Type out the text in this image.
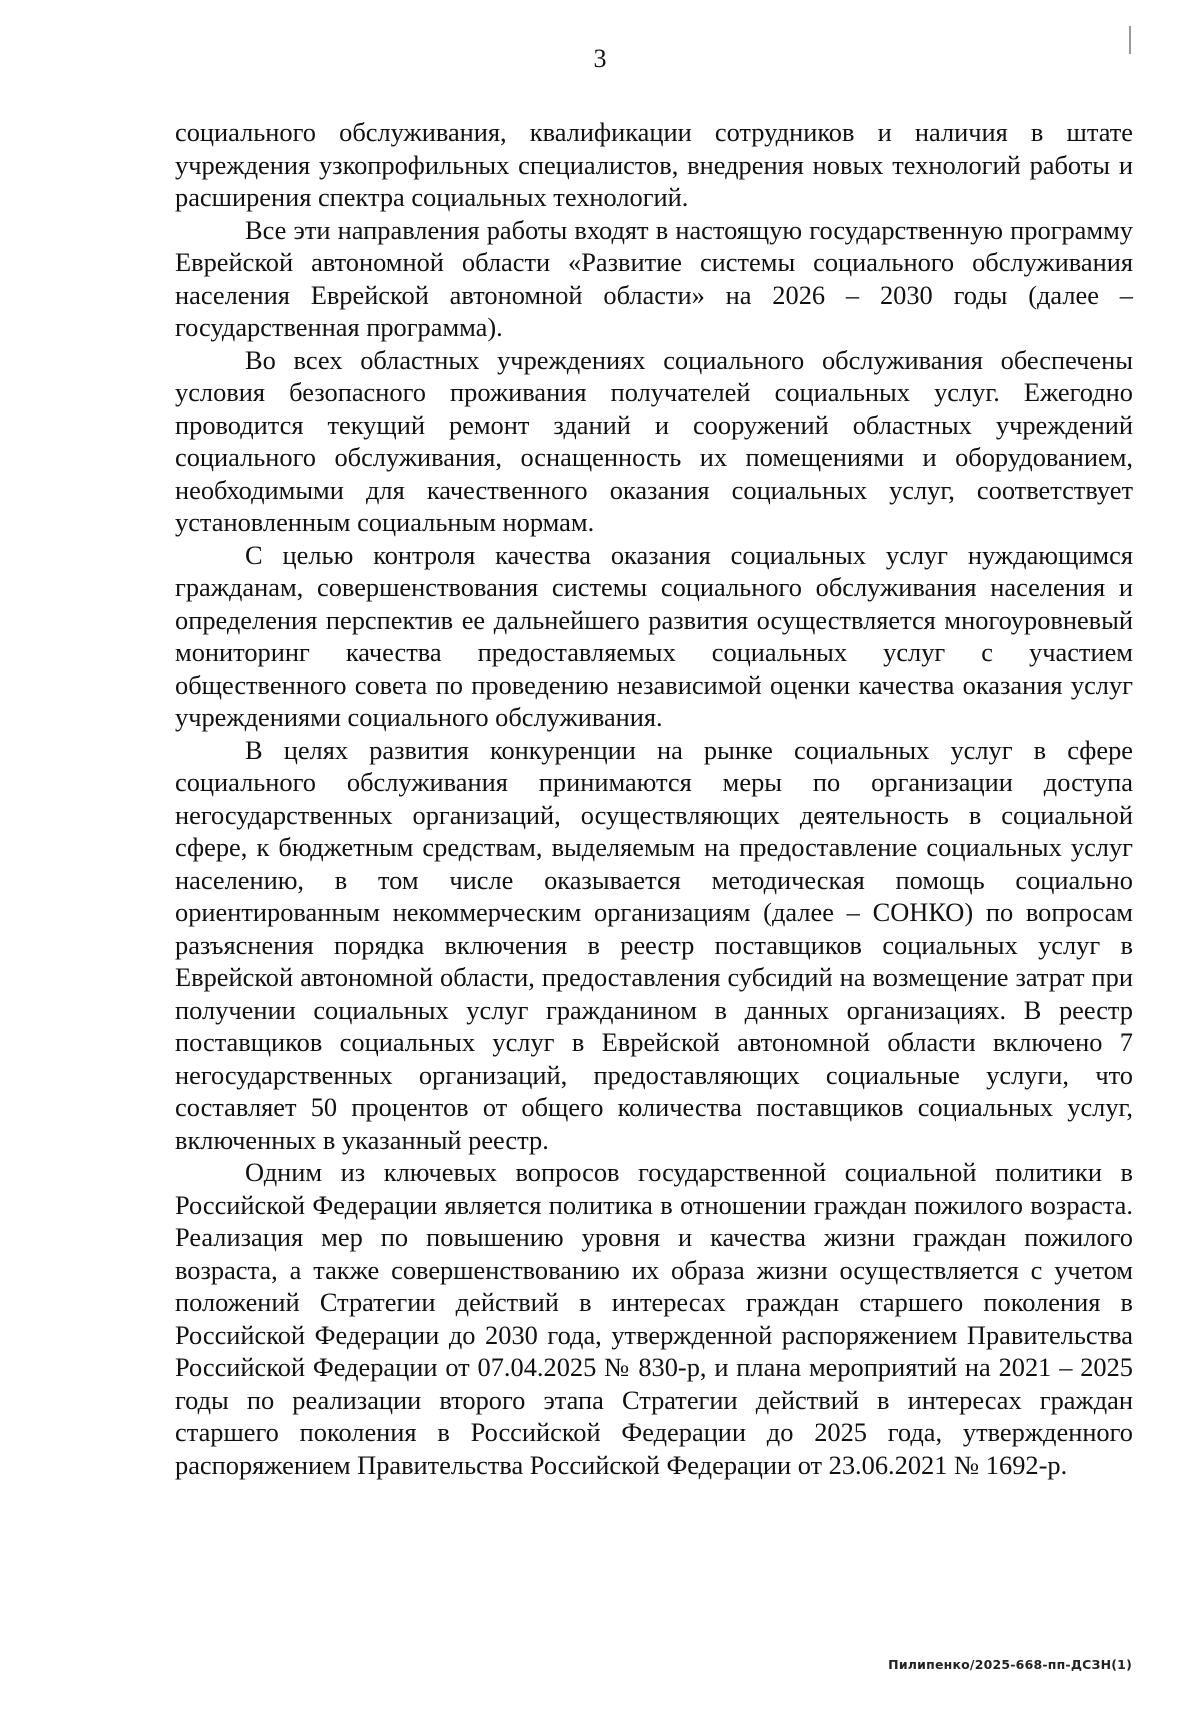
3

социального обслуживания, квалификации сотрудников и наличия в штате учреждения узкопрофильных специалистов, внедрения новых технологий работы и расширения спектра социальных технологий.

Все эти направления работы входят в настоящую государственную программу Еврейской автономной области «Развитие системы социального обслуживания населения Еврейской автономной области» на 2026 – 2030 годы (далее – государственная программа).

Во всех областных учреждениях социального обслуживания обеспечены условия безопасного проживания получателей социальных услуг. Ежегодно проводится текущий ремонт зданий и сооружений областных учреждений социального обслуживания, оснащенность их помещениями и оборудованием, необходимыми для качественного оказания социальных услуг, соответствует установленным социальным нормам.

С целью контроля качества оказания социальных услуг нуждающимся гражданам, совершенствования системы социального обслуживания населения и определения перспектив ее дальнейшего развития осуществляется многоуровневый мониторинг качества предоставляемых социальных услуг с участием общественного совета по проведению независимой оценки качества оказания услуг учреждениями социального обслуживания.

В целях развития конкуренции на рынке социальных услуг в сфере социального обслуживания принимаются меры по организации доступа негосударственных организаций, осуществляющих деятельность в социальной сфере, к бюджетным средствам, выделяемым на предоставление социальных услуг населению, в том числе оказывается методическая помощь социально ориентированным некоммерческим организациям (далее – СОНКО) по вопросам разъяснения порядка включения в реестр поставщиков социальных услуг в Еврейской автономной области, предоставления субсидий на возмещение затрат при получении социальных услуг гражданином в данных организациях. В реестр поставщиков социальных услуг в Еврейской автономной области включено 7 негосударственных организаций, предоставляющих социальные услуги, что составляет 50 процентов от общего количества поставщиков социальных услуг, включенных в указанный реестр.

Одним из ключевых вопросов государственной социальной политики в Российской Федерации является политика в отношении граждан пожилого возраста. Реализация мер по повышению уровня и качества жизни граждан пожилого возраста, а также совершенствованию их образа жизни осуществляется с учетом положений Стратегии действий в интересах граждан старшего поколения в Российской Федерации до 2030 года, утвержденной распоряжением Правительства Российской Федерации от 07.04.2025 № 830-р, и плана мероприятий на 2021 – 2025 годы по реализации второго этапа Стратегии действий в интересах граждан старшего поколения в Российской Федерации до 2025 года, утвержденного распоряжением Правительства Российской Федерации от 23.06.2021 № 1692-р.

Пилипенко/2025-668-пп-ДСЗН(1)
